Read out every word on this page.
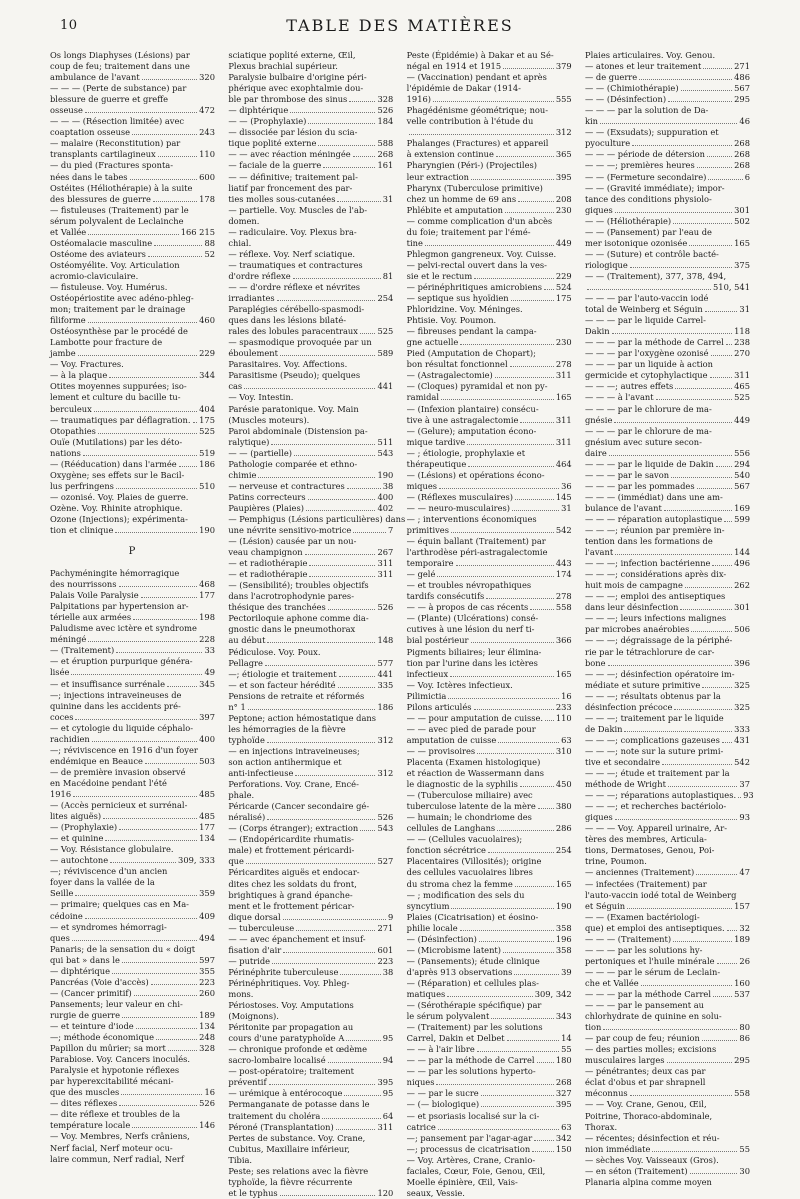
10	TABLE DES MATIÈRES
Os longs Diaphyses (Lésions) par
coup de feu; traitement dans une
ambulance de l'avant	320
— — — (Perte de substance) par
blessure de guerre et greffe
osseuse	472
— — — (Résection limitée) avec
coaptation osseuse	243
— malaire (Reconstitution) par
transplants cartilagineux	110
— du pied (Fractures sponta-
nées dans le tabes	600
Ostéites (Héliothérapie) à la suite
des blessures de guerre	178
— fistuleuses (Traitement) par le
sérum polyvalent de Leclainche
et Vallée	166 215
Ostéomalacie masculine	88
Ostéome des aviateurs	52
Ostéomyélite. Voy. Articulation
acromio-claviculaire.
— fistuleuse. Voy. Humérus.
Ostéopériostite avec adéno-phleg-
mon; traitement par le drainage
filiforme	460
Ostéosynthèse par le procédé de
Lambotte pour fracture de
jambe	229
— Voy. Fractures.
— à la plaque	344
Otites moyennes suppurées; iso-
lement et culture du bacille tu-
berculeux	404
— traumatiques par déflagration. 175
Otopathies	525
Ouïe (Mutilations) par les déto-
nations	519
— (Rééducation) dans l'armée	186
Oxygène; ses effets sur le Bacil-
lus perfringens	510
— ozonisé. Voy. Plaies de guerre.
Ozène. Voy. Rhinite atrophique.
Ozone (Injections); expérimenta-
tion et clinique	190
P
Pachyméningite hémorragique
des nourrissons	468
Palais Voile Paralysie	177
Palpitations par hypertension ar-
térielle aux armées	198
Paludisme avec ictère et syndrome
méningé	228
— (Traitement)	33
— et éruption purpurique généra-
lisée	49
— et insuffisance surrénale	345
—; injections intraveineuses de
quinine dans les accidents pré-
coces	397
— et cytologie du liquide céphalo-
rachidien	400
—; réviviscence en 1916 d'un foyer
endémique en Beauce	503
— de première invasion observé
en Macédoine pendant l'été
1916	485
— (Accès pernicieux et surrénal-
lites aiguës)	485
— (Prophylaxie)	177
— et quinine	134
— Voy. Résistance globulaire.
— autochtone	309, 333
—; réviviscence d'un ancien
foyer dans la vallée de la
Seille	359
— primaire; quelques cas en Ma-
cédoine	409
— et syndromes hémorragi-
ques	494
Panaris; de la sensation du « doigt
qui bat » dans le	597
— diphtérique	355
Pancréas (Voie d'accès)	223
— (Cancer primitif)	260
Pansements; leur valeur en chi-
rurgie de guerre	189
— et teinture d'iode	134
—; méthode économique	248
Papillon du mûrier; sa mort	328
Parabiose. Voy. Cancers inoculés.
Paralysie et hypotonie réflexes
par hyperexcitabilité mécani-
que des muscles	16
— dites réflexes	526
— dite réflexe et troubles de la
température locale	146
— Voy. Membres, Nerfs crâniens,
Nerf facial, Nerf moteur ocu-
laire commun, Nerf radial, Nerf
sciatique poplité externe, Œil,
Plexus brachial supérieur.
Paralysie bulbaire d'origine péri-
phérique avec exophtalmie dou-
ble par thrombose des sinus	328
— diphtérique	526
— — (Prophylaxie)	184
— dissociée par lésion du scia-
tique poplité externe	588
— — avec réaction méningée	268
— faciale de la guerre	161
— — définitive; traitement pal-
liatif par froncement des par-
ties molles sous-cutanées	31
— partielle. Voy. Muscles de l'ab-
domen.
— radiculaire. Voy. Plexus bra-
chial.
— réflexe. Voy. Nerf sciatique.
— traumatiques et contractures
d'ordre réflexe	81
— — d'ordre réflexe et névrites
irradiantes	254
Paraplégies cérébello-spasmodi-
ques dans les lésions bilaté-
rales des lobules paracentraux 525
— spasmodique provoquée par un
éboulement	589
Parasitaires. Voy. Affections.
Parasitisme (Pseudo); quelques
cas	441
— Voy. Intestin.
Parésie paratonique. Voy. Main
(Muscles moteurs).
Paroi abdominale (Distension pa-
ralytique)	511
— — (partielle)	543
Pathologie comparée et ethno-
chimie	190
— nerveuse et contractures	38
Patins correcteurs	400
Paupières (Plaies)	402
— Pemphigus (Lésions particulières) dans
une névrite sensitivo-motrice	7
— (Lésion) causée par un nou-
veau champignon	267
— et radiothérapie	311
— et radiothérapie	311
— (Sensibilité); troubles objectifs
dans l'acrotrophodynie pares-
thésique des tranchées	526
Pectoriloquie aphone comme dia-
gnostic dans le pneumothorax
au début	148
Pédiculose. Voy. Poux.
Pellagre	577
—; étiologie et traitement	441
— et son facteur hérédité	335
Pensions de retraite et réformés
n° 1	186
Peptone; action hémostatique dans
les hémorragies de la fièvre
typhoïde	312
— en injections intraveineuses;
son action antihermique et
anti-infectieuse	312
Perforations. Voy. Crane, Encé-
phale.
Péricarde (Cancer secondaire gé-
néralisé)	526
— (Corps étranger); extraction 543
— (Endopéricardite rhumatis-
male) et frottement péricardi-
que	527
Péricardites aiguës et endocar-
dites chez les soldats du front,
brightiques à grand épanche-
ment et le frottement péricar-
dique dorsal	9
— tuberculeuse	271
— — avec épanchement et insuf-
fisation d'air	601
— putride	223
Périnéphrite tuberculeuse	38
Périnéphritiques. Voy. Phleg-
mons.
Périostoses. Voy. Amputations
(Moignons).
Péritonite par propagation au
cours d'une paratyphoïde A	95
— chronique profonde et œdème
sacro-lombaire localisé	94
— post-opératoire; traitement
préventif	395
— urémique à entérocoque	95
Permanganate de potasse dans le
traitement du choléra	64
Péroné (Transplantation)	311
Pertes de substance. Voy. Crane,
Cubitus, Maxillaire inférieur,
Tibia.
Peste; ses relations avec la fièvre
typhoïde, la fièvre récurrente
et le typhus	120
Peste (Épidémie) à Dakar et au Sé-
négal en 1914 et 1915	379
— (Vaccination) pendant et après
l'épidémie de Dakar (1914-
1916)	555
Phagédénisme géométrique; nou-
velle contribution à l'étude du
312
Phalanges (Fractures) et appareil
à extension continue	365
Pharyngien (Péri-) (Projectiles)
leur extraction	395
Pharynx (Tuberculose primitive)
chez un homme de 69 ans	208
Phlébite et amputation	230
— comme complication d'un abcès
du foie; traitement par l'émé-
tine	449
Phlegmon gangreneux. Voy. Cuisse.
— pelvi-rectal ouvert dans la ves-
sie et le rectum	229
— périnéphritiques amicrobiens 524
— septique sus hyoïdien	175
Phloridzine. Voy. Méninges.
Phtisie. Voy. Poumon.
— fibreuses pendant la campa-
gne actuelle	230
Pied (Amputation de Chopart);
bon résultat fonctionnel	278
— (Astragalectomie)	311
— (Cloques) pyramidal et non py-
ramidal	165
— (Infexion plantaire) consécu-
tive à une astragalectomie	311
— (Gelure); amputation écono-
mique tardive	311
— ; étiologie, prophylaxie et
thérapeutique	464
— (Lésions) et opérations écono-
miques	36
— (Réflexes musculaires)	145
— — neuro-musculaires)	31
— ; interventions économiques
primitives	542
— équin ballant (Traitement) par
l'arthrodèse péri-astragalectomie
temporaire	443
— gelé	174
— et troubles névropathiques
tardifs consécutifs	278
— — à propos de cas récents	558
— (Plante) (Ulcérations) consé-
cutives à une lésion du nerf ti-
bial postérieur	366
Pigments biliaires; leur élimina-
tion par l'urine dans les ictères
infectieux	165
— Voy. Ictères infectieux.
Pilimictia	16
Pilons articulés	233
— — pour amputation de cuisse. 110
— — avec pied de parade pour
amputation de cuisse	63
— — provisoires	310
Placenta (Examen histologique)
et réaction de Wassermann dans
le diagnostic de la syphilis	450
— (Tuberculose miliaire) avec
tuberculose latente de la mère 380
— humain; le chondriome des
cellules de Langhans	286
— — (Cellules vacuolaires);
fonction sécrétrice	254
Placentaires (Villosités); origine
des cellules vacuolaires libres
du stroma chez la femme	165
— ; modification des sels du
syncytium	190
Plaies (Cicatrisation) et éosino-
philie locale	358
— (Désinfection)	196
— (Microbisme latent)	358
— (Pansements); étude clinique
d'après 913 observations	39
— (Réparation) et cellules plas-
matiques	309, 342
— (Sérothérapie spécifique) par
le sérum polyvalent	343
— (Traitement) par les solutions
Carrel, Dakin et Delbet	14
— — à l'air libre	55
— — par la méthode de Carrel	180
— — par les solutions hyperto-
niques	268
— — par le sucre	327
— (— biologique)	395
— et psoriasis localisé sur la ci-
catrice	63
—; pansement par l'agar-agar	342
—; processus de cicatrisation	150
— Voy. Artères, Crane, Cranio-
faciales, Cœur, Foie, Genou, Œil,
Moelle épinière, Œil, Vais-
seaux, Vessie.
Plaies articulaires. Voy. Genou.
— atones et leur traitement	271
— de guerre	486
— — (Chimiothérapie)	567
— — (Désinfection)	295
— — — par la solution de Da-
kin	46
— — (Exsudats); suppuration et
pyoculture	268
— — — période de détersion	268
— — —; premières heures	268
— — (Fermeture secondaire)	6
— — (Gravité immédiate); impor-
tance des conditions physiolo-
giques	301
— — (Héliothérapie)	502
— — (Pansement) par l'eau de
mer isotonique ozonisée	165
— — (Suture) et contrôle bacté-
riologique	375
— — (Traitement), 377, 378, 494,
510, 541
— — — par l'auto-vaccin iodé
total de Weinberg et Séguin	31
— — — par le liquide Carrel-
Dakin	118
— — — par la méthode de Carrel 238
— — — par l'oxygène ozonisé	270
— — — par un liquide à action
germicide et cytophylactique	311
— — —; autres effets	465
— — — à l'avant	525
— — — par le chlorure de ma-
gnésie	449
— — — par le chlorure de ma-
gnésium avec suture secon-
daire	556
— — — par le liquide de Dakin 294
— — — par le savon	540
— — — par les pommades	567
— — — (immédiat) dans une am-
bulance de l'avant	169
— — — réparation autoplastique 599
— — —; réunion par première in-
tention dans les formations de
l'avant	144
— — —; infection bactérienne	496
— — —; considérations après dix-
huit mois de campagne	262
— — —; emploi des antiseptiques
dans leur désinfection	301
— — —; leurs infections malignes
par microbes anaérobies	506
— — —; dégraissage de la périphé-
rie par le tétrachlorure de car-
bone	396
— — —; désinfection opératoire im-
médiate et suture primitive	325
— — —; résultats obtenus par la
désinfection précoce	325
— — —; traitement par le liquide
de Dakin	333
— — —; complications gazeuses 431
— — —; note sur la suture primi-
tive et secondaire	542
— — —; étude et traitement par la
méthode de Wright	37
— — —; réparations autoplastiques. 93
— — —; et recherches bactériolo-
giques	93
— — — Voy. Appareil urinaire, Ar-
tères des membres, Articula-
tions, Dermatoses, Genou, Poi-
trine, Poumon.
— anciennes (Traitement)	47
— infectées (Traitement) par
l'auto-vaccin iodé total de Weinberg
et Séguin	157
— — (Examen bactériologi-
que) et emploi des antiseptiques. 32
— — — (Traitement)	189
— — — par les solutions hy-
pertoniques et l'huile minérale	26
— — — par le sérum de Leclain-
che et Vallée	160
— — — par la méthode Carrel	537
— — — par le pansement au
chlorhydrate de quinine en solu-
tion	80
— par coup de feu; réunion	86
— des parties molles; excisions
musculaires larges	295
— pénétrantes; deux cas par
éclat d'obus et par shrapnell
méconnus	558
— — Voy. Crane, Genou, Œil,
Poitrine, Thoraco-abdominale,
Thorax.
— récentes; désinfection et réu-
nion immédiate	55
— sèches Voy. Vaisseaux (Gros).
— en séton (Traitement)	30
Planaria alpina comme moyen
